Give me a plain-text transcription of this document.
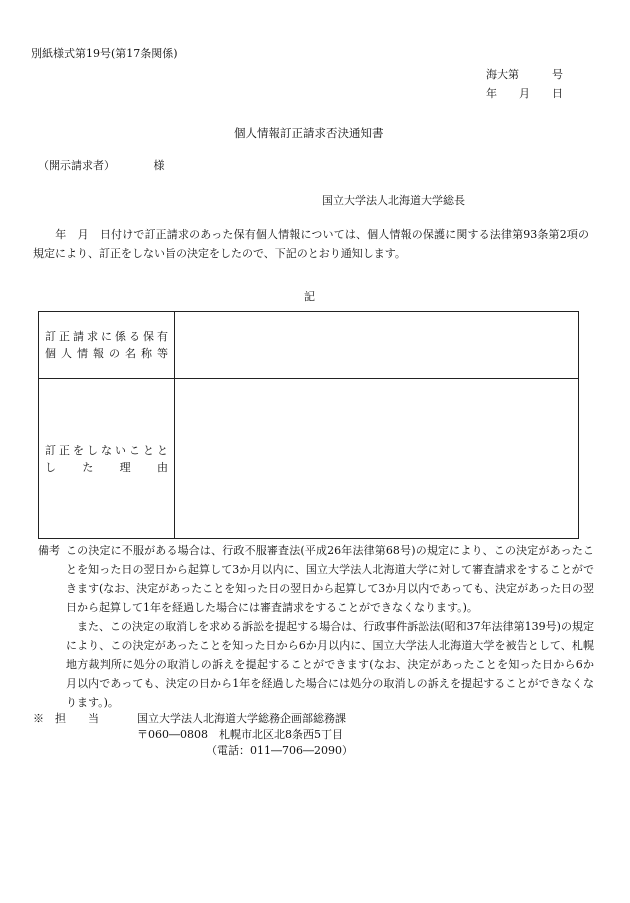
別紙様式第19号(第17条関係)
海大第　　　号
年　　月　　日
個人情報訂正請求否決通知書
（開示請求者）　　　　様
国立大学法人北海道大学総長
　　年　月　日付けで訂正請求のあった保有個人情報については、個人情報の保護に関する法律第93条第2項の規定により、訂正をしない旨の決定をしたので、下記のとおり通知します。
記
訂正請求に係る保有
個人情報の名称等	

訂正をしないことと
し　た　理　由	

備考 この決定に不服がある場合は、行政不服審査法(平成26年法律第68号)の規定により、この決定があったことを知った日の翌日から起算して3か月以内に、国立大学法人北海道大学に対して審査請求をすることができます(なお、決定があったことを知った日の翌日から起算して3か月以内であっても、決定があった日の翌日から起算して1年を経過した場合には審査請求をすることができなくなります。)。
また、この決定の取消しを求める訴訟を提起する場合は、行政事件訴訟法(昭和37年法律第139号)の規定により、この決定があったことを知った日から6か月以内に、国立大学法人北海道大学を被告として、札幌地方裁判所に処分の取消しの訴えを提起することができます(なお、決定があったことを知った日から6か月以内であっても、決定の日から1年を経過した場合には処分の取消しの訴えを提起することができなくなります。)。
※　担　　当	国立大学法人北海道大学総務企画部総務課
〒060―0808　札幌市北区北8条西5丁目
（電話：011―706―2090）
